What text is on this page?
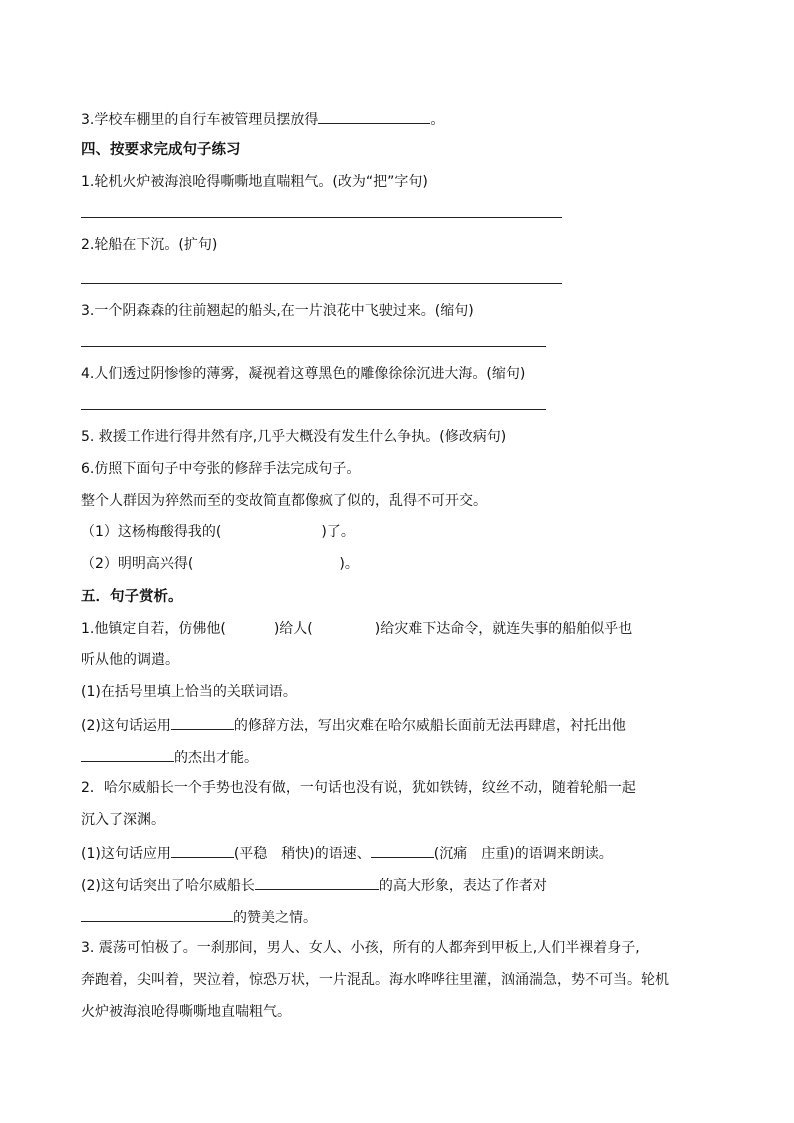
3.学校车棚里的自行车被管理员摆放得	。
四、按要求完成句子练习
1.轮机火炉被海浪呛得嘶嘶地直喘粗气。(改为“把”字句)
2.轮船在下沉。(扩句)
3.一个阴森森的往前翘起的船头,在一片浪花中飞驶过来。(缩句)
4.人们透过阴惨惨的薄雾，凝视着这尊黑色的雕像徐徐沉进大海。(缩句)
5. 救援工作进行得井然有序,几乎大概没有发生什么争执。(修改病句)
6.仿照下面句子中夸张的修辞手法完成句子。
整个人群因为猝然而至的变故简直都像疯了似的，乱得不可开交。
（1）这杨梅酸得我的(	)了。
（2）明明高兴得(	)。
五．句子赏析。
1.他镇定自若，仿佛他(	)给人(	)给灾难下达命令，就连失事的船舶似乎也
听从他的调遣。
(1)在括号里填上恰当的关联词语。
(2)这句话运用	的修辞方法，写出灾难在哈尔威船长面前无法再肆虐，衬托出他
的杰出才能。
2．哈尔威船长一个手势也没有做，一句话也没有说，犹如铁铸，纹丝不动，随着轮船一起
沉入了深渊。
(1)这句话应用	(平稳　稍快)的语速、	(沉痛　庄重)的语调来朗读。
(2)这句话突出了哈尔威船长	的高大形象，表达了作者对
的赞美之情。
3. 震荡可怕极了。一刹那间，男人、女人、小孩，所有的人都奔到甲板上,人们半裸着身子,
奔跑着，尖叫着，哭泣着，惊恐万状，一片混乱。海水哗哗往里灌，汹涌湍急，势不可当。轮机
火炉被海浪呛得嘶嘶地直喘粗气。
